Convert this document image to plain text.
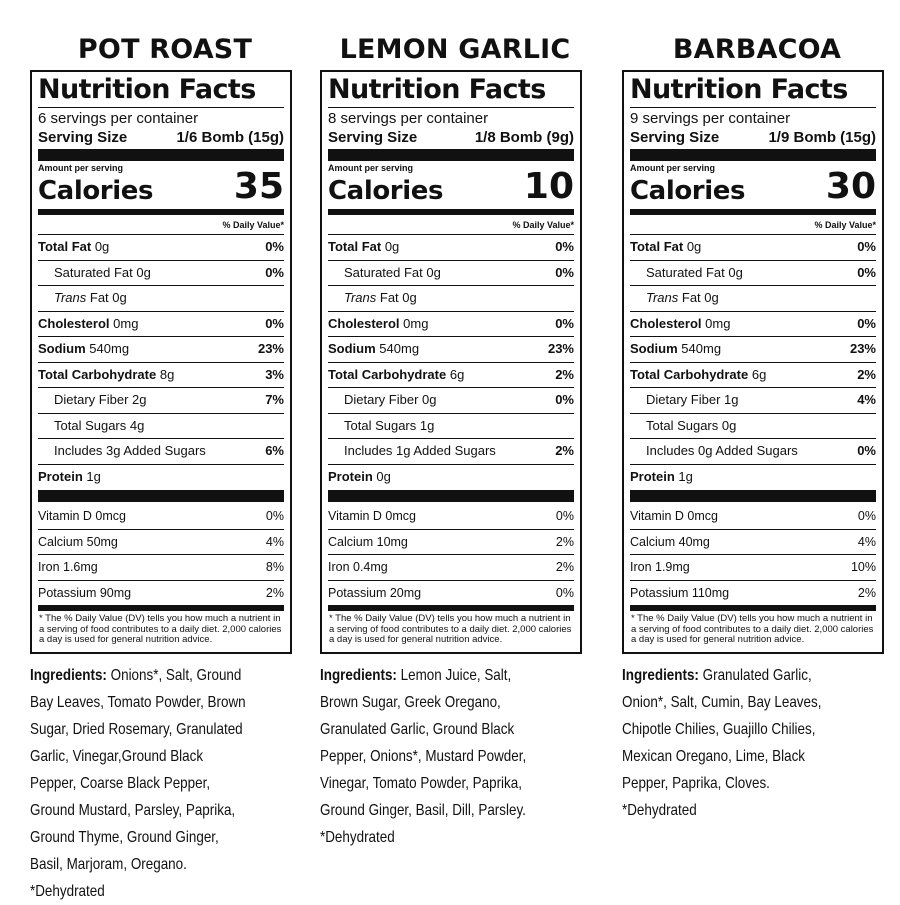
POT ROAST
Nutrition Facts
6 servings per container
Serving Size	1/6 Bomb (15g)
Amount per serving
Calories 35
% Daily Value*
Total Fat 0g	0%
Saturated Fat 0g	0%
Trans Fat 0g
Cholesterol 0mg	0%
Sodium 540mg	23%
Total Carbohydrate 8g	3%
Dietary Fiber 2g	7%
Total Sugars 4g
Includes 3g Added Sugars	6%
Protein 1g
Vitamin D 0mcg	0%
Calcium 50mg	4%
Iron 1.6mg	8%
Potassium 90mg	2%
* The % Daily Value (DV) tells you how much a nutrient in a serving of food contributes to a daily diet. 2,000 calories a day is used for general nutrition advice.
Ingredients: Onions*, Salt, Ground Bay Leaves, Tomato Powder, Brown Sugar, Dried Rosemary, Granulated Garlic, Vinegar,Ground Black Pepper, Coarse Black Pepper, Ground Mustard, Parsley, Paprika, Ground Thyme, Ground Ginger, Basil, Marjoram, Oregano. *Dehydrated
LEMON GARLIC
Nutrition Facts
8 servings per container
Serving Size	1/8 Bomb (9g)
Amount per serving
Calories 10
% Daily Value*
Total Fat 0g	0%
Saturated Fat 0g	0%
Trans Fat 0g
Cholesterol 0mg	0%
Sodium 540mg	23%
Total Carbohydrate 6g	2%
Dietary Fiber 0g	0%
Total Sugars 1g
Includes 1g Added Sugars	2%
Protein 0g
Vitamin D 0mcg	0%
Calcium 10mg	2%
Iron 0.4mg	2%
Potassium 20mg	0%
* The % Daily Value (DV) tells you how much a nutrient in a serving of food contributes to a daily diet. 2,000 calories a day is used for general nutrition advice.
Ingredients: Lemon Juice, Salt, Brown Sugar, Greek Oregano, Granulated Garlic, Ground Black Pepper, Onions*, Mustard Powder, Vinegar, Tomato Powder, Paprika, Ground Ginger, Basil, Dill, Parsley. *Dehydrated
BARBACOA
Nutrition Facts
9 servings per container
Serving Size	1/9 Bomb (15g)
Amount per serving
Calories 30
% Daily Value*
Total Fat 0g	0%
Saturated Fat 0g	0%
Trans Fat 0g
Cholesterol 0mg	0%
Sodium 540mg	23%
Total Carbohydrate 6g	2%
Dietary Fiber 1g	4%
Total Sugars 0g
Includes 0g Added Sugars	0%
Protein 1g
Vitamin D 0mcg	0%
Calcium 40mg	4%
Iron 1.9mg	10%
Potassium 110mg	2%
* The % Daily Value (DV) tells you how much a nutrient in a serving of food contributes to a daily diet. 2,000 calories a day is used for general nutrition advice.
Ingredients: Granulated Garlic, Onion*, Salt, Cumin, Bay Leaves, Chipotle Chilies, Guajillo Chilies, Mexican Oregano, Lime, Black Pepper, Paprika, Cloves. *Dehydrated
